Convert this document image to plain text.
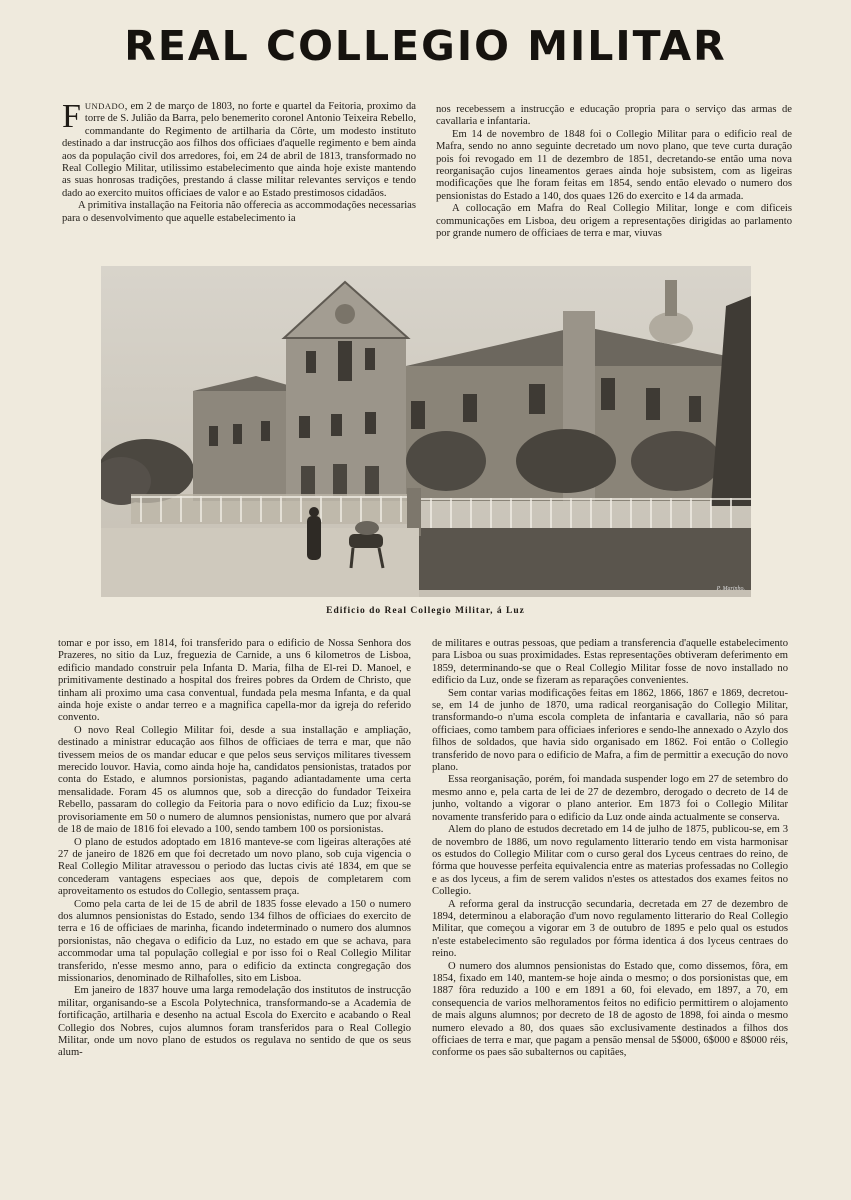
REAL COLLEGIO MILITAR

FUNDADO, em 2 de março de 1803, no forte e quartel da Feitoria, proximo da torre de S. Julião da Barra, pelo benemerito coronel Antonio Teixeira Rebello, commandante do Regimento de artilharia da Côrte, um modesto instituto destinado a dar instrucção aos filhos dos officiaes d'aquelle regimento e bem ainda aos da população civil dos arredores, foi, em 24 de abril de 1813, transformado no Real Collegio Militar, utilissimo estabelecimento que ainda hoje existe mantendo as suas honrosas tradições, prestando á classe militar relevantes serviços e tendo dado ao exercito muitos officiaes de valor e ao Estado prestimosos cidadãos.

A primitiva installação na Feitoria não offerecia as accommodações necessarias para o desenvolvimento que aquelle estabelecimento ia

nos recebessem a instrucção e educação propria para o serviço das armas de cavallaria e infantaria.

Em 14 de novembro de 1848 foi o Collegio Militar para o edificio real de Mafra, sendo no anno seguinte decretado um novo plano, que teve curta duração pois foi revogado em 11 de dezembro de 1851, decretando-se então uma nova reorganisação cujos lineamentos geraes ainda hoje subsistem, com as ligeiras modificações que lhe foram feitas em 1854, sendo então elevado o numero dos pensionistas do Estado a 140, dos quaes 126 do exercito e 14 da armada.

A collocação em Mafra do Real Collegio Militar, longe e com dificeis communicações em Lisboa, deu origem a representações dirigidas ao parlamento por grande numero de officiaes de terra e mar, viuvas

P. Marinho.
Edificio do Real Collegio Militar, á Luz

tomar e por isso, em 1814, foi transferido para o edificio de Nossa Senhora dos Prazeres, no sitio da Luz, freguezia de Carnide, a uns 6 kilometros de Lisboa, edificio mandado construir pela Infanta D. Maria, filha de El-rei D. Manoel, e primitivamente destinado a hospital dos freires pobres da Ordem de Christo, que tinham ali proximo uma casa conventual, fundada pela mesma Infanta, e da qual ainda hoje existe o andar terreo e a magnifica capella-mor da igreja do referido convento.

O novo Real Collegio Militar foi, desde a sua installação e ampliação, destinado a ministrar educação aos filhos de officiaes de terra e mar, que não tivessem meios de os mandar educar e que pelos seus serviços militares tivessem merecido louvor. Havia, como ainda hoje ha, candidatos pensionistas, tratados por conta do Estado, e alumnos porsionistas, pagando adiantadamente uma certa mensalidade. Foram 45 os alumnos que, sob a direcção do fundador Teixeira Rebello, passaram do collegio da Feitoria para o novo edificio da Luz; fixou-se provisoriamente em 50 o numero de alumnos pensionistas, numero que por alvará de 18 de maio de 1816 foi elevado a 100, sendo tambem 100 os porsionistas.

O plano de estudos adoptado em 1816 manteve-se com ligeiras alterações até 27 de janeiro de 1826 em que foi decretado um novo plano, sob cuja vigencia o Real Collegio Militar atravessou o periodo das luctas civis até 1834, em que se concederam vantagens especiaes aos que, depois de completarem com aproveitamento os estudos do Collegio, sentassem praça.

Como pela carta de lei de 15 de abril de 1835 fosse elevado a 150 o numero dos alumnos pensionistas do Estado, sendo 134 filhos de officiaes do exercito de terra e 16 de officiaes de marinha, ficando indeterminado o numero dos alumnos porsionistas, não chegava o edificio da Luz, no estado em que se achava, para accommodar uma tal população collegial e por isso foi o Real Collegio Militar transferido, n'esse mesmo anno, para o edificio da extincta congregação dos missionarios, denominado de Rilhafolles, sito em Lisboa.

Em janeiro de 1837 houve uma larga remodelação dos institutos de instrucção militar, organisando-se a Escola Polytechnica, transformando-se a Academia de fortificação, artilharia e desenho na actual Escola do Exercito e acabando o Real Collegio dos Nobres, cujos alumnos foram transferidos para o Real Collegio Militar, onde um novo plano de estudos os regulava no sentido de que os seus alum-

de militares e outras pessoas, que pediam a transferencia d'aquelle estabelecimento para Lisboa ou suas proximidades. Estas representações obtiveram deferimento em 1859, determinando-se que o Real Collegio Militar fosse de novo installado no edificio da Luz, onde se fizeram as reparações convenientes.

Sem contar varias modificações feitas em 1862, 1866, 1867 e 1869, decretou-se, em 14 de junho de 1870, uma radical reorganisação do Collegio Militar, transformando-o n'uma escola completa de infantaria e cavallaria, não só para officiaes, como tambem para officiaes inferiores e sendo-lhe annexado o Azylo dos filhos de soldados, que havia sido organisado em 1862. Foi então o Collegio transferido de novo para o edificio de Mafra, a fim de permittir a execução do novo plano.

Essa reorganisação, porém, foi mandada suspender logo em 27 de setembro do mesmo anno e, pela carta de lei de 27 de dezembro, derogado o decreto de 14 de junho, voltando a vigorar o plano anterior. Em 1873 foi o Collegio Militar novamente transferido para o edificio da Luz onde ainda actualmente se conserva.

Alem do plano de estudos decretado em 14 de julho de 1875, publicou-se, em 3 de novembro de 1886, um novo regulamento litterario tendo em vista harmonisar os estudos do Collegio Militar com o curso geral dos Lyceus centraes do reino, de fórma que houvesse perfeita equivalencia entre as materias professadas no Collegio e as dos lyceus, a fim de serem validos n'estes os attestados dos exames feitos no Collegio.

A reforma geral da instrucção secundaria, decretada em 27 de dezembro de 1894, determinou a elaboração d'um novo regulamento litterario do Real Collegio Militar, que começou a vigorar em 3 de outubro de 1895 e pelo qual os estudos n'este estabelecimento são regulados por fórma identica á dos lyceus centraes do reino.

O numero dos alumnos pensionistas do Estado que, como dissemos, fôra, em 1854, fixado em 140, mantem-se hoje ainda o mesmo; o dos porsionistas que, em 1887 fôra reduzido a 100 e em 1891 a 60, foi elevado, em 1897, a 70, em consequencia de varios melhoramentos feitos no edificio permittirem o alojamento de mais alguns alumnos; por decreto de 18 de agosto de 1898, foi ainda o mesmo numero elevado a 80, dos quaes são exclusivamente destinados a filhos dos officiaes de terra e mar, que pagam a pensão mensal de 5$000, 6$000 e 8$000 réis, conforme os paes são subalternos ou capitães,
